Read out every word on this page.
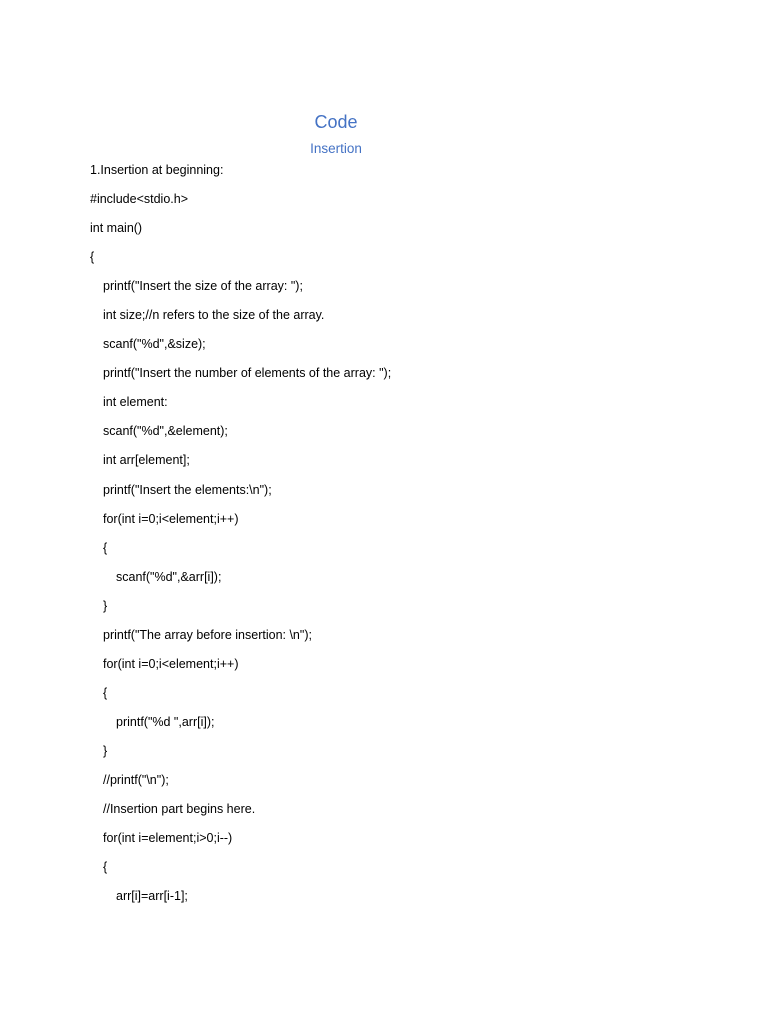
Code
Insertion
1.Insertion at beginning:
#include<stdio.h>
int main()
{
printf("Insert the size of the array: ");
int size;//n refers to the size of the array.
scanf("%d",&size);
printf("Insert the number of elements of the array: ");
int element:
scanf("%d",&element);
int arr[element];
printf("Insert the elements:\n");
for(int i=0;i<element;i++)
{
scanf("%d",&arr[i]);
}
printf("The array before insertion: \n");
for(int i=0;i<element;i++)
{
printf("%d ",arr[i]);
}
//printf("\n");
//Insertion part begins here.
for(int i=element;i>0;i--)
{
arr[i]=arr[i-1];
